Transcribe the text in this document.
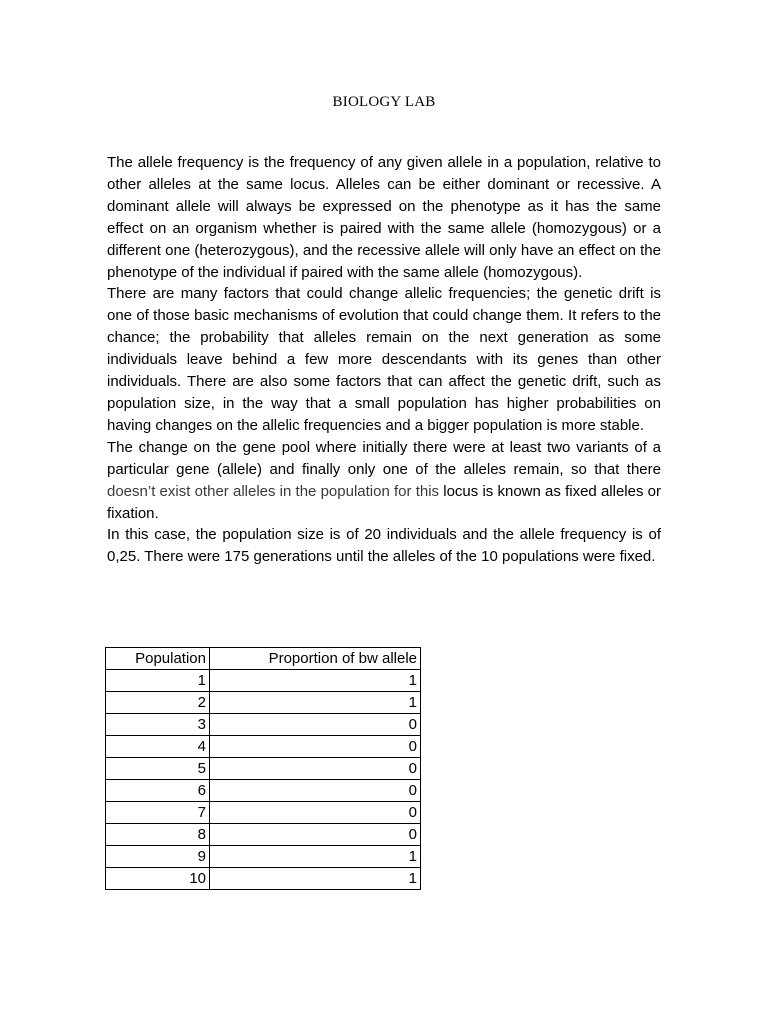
BIOLOGY LAB

The allele frequency is the frequency of any given allele in a population, relative to other alleles at the same locus. Alleles can be either dominant or recessive. A dominant allele will always be expressed on the phenotype as it has the same effect on an organism whether is paired with the same allele (homozygous) or a different one (heterozygous), and the recessive allele will only have an effect on the phenotype of the individual if paired with the same allele (homozygous).

There are many factors that could change allelic frequencies; the genetic drift is one of those basic mechanisms of evolution that could change them. It refers to the chance; the probability that alleles remain on the next generation as some individuals leave behind a few more descendants with its genes than other individuals. There are also some factors that can affect the genetic drift, such as population size, in the way that a small population has higher probabilities on having changes on the allelic frequencies and a bigger population is more stable.

The change on the gene pool where initially there were at least two variants of a particular gene (allele) and finally only one of the alleles remain, so that there doesn’t exist other alleles in the population for this locus is known as fixed alleles or fixation.

In this case, the population size is of 20 individuals and the allele frequency is of 0,25. There were 175 generations until the alleles of the 10 populations were fixed.

Population	Proportion of bw allele
1	1
2	1
3	0
4	0
5	0
6	0
7	0
8	0
9	1
10	1
